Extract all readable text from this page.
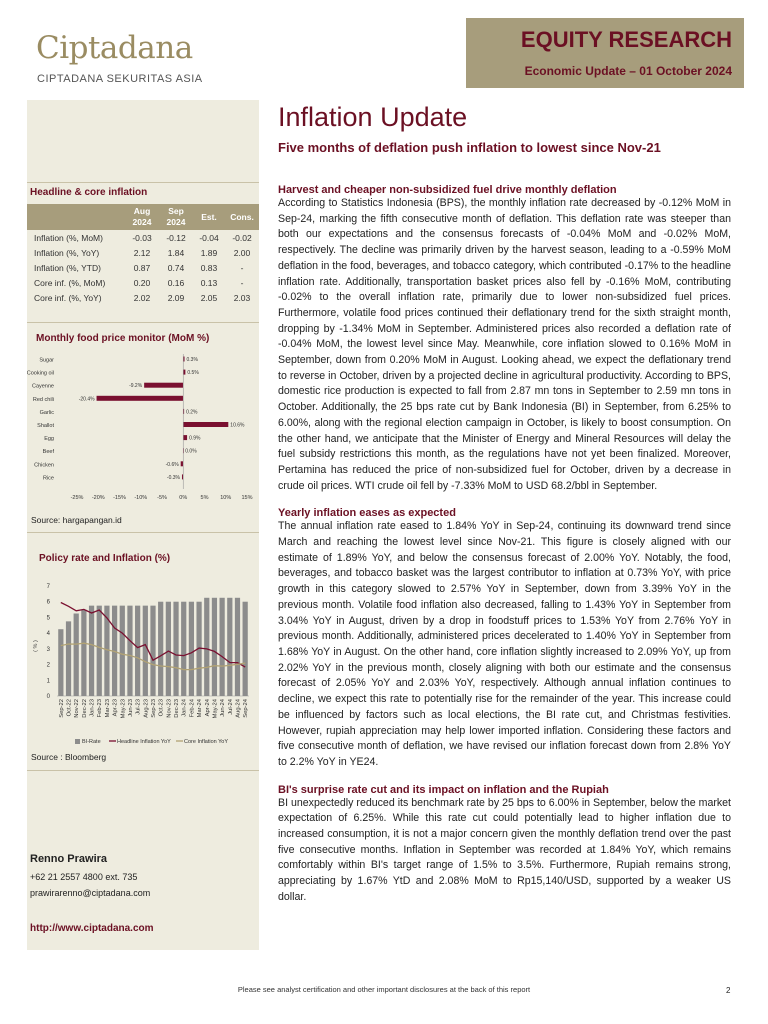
Ciptadana
CIPTADANA SEKURITAS ASIA
EQUITY RESEARCH
Economic Update – 01 October 2024
Headline & core inflation
	Aug 2024	Sep 2024	Est.	Cons.
Inflation (%, MoM)	-0.03	-0.12	-0.04	-0.02
Inflation (%, YoY)	2.12	1.84	1.89	2.00
Inflation (%, YTD)	0.87	0.74	0.83	-
Core inf. (%, MoM)	0.20	0.16	0.13	-
Core inf. (%, YoY)	2.02	2.09	2.05	2.03
Monthly food price monitor (MoM %)
Sugar	0.3%
Cooking oil	0.5%
Cayenne	-9.2%
Red chili	-20.4%
Garlic	0.2%
Shallot	10.6%
Egg	0.9%
Beef	0.0%
Chicken	-0.6%
Rice	-0.3%
-25% -20% -15% -10% -5% 0% 5% 10% 15%
Source: hargapangan.id
Policy rate and Inflation (%)
0
1
2
3
4
5
6
7
( % )
Sep-22 Oct-22 Nov-22 Dec-22 Jan-23 Feb-23 Mar-23 Apr-23 May-23 Jun-23 Jul-23 Aug-23 Sep-23 Oct-23 Nov-23 Dec-23 Jan-24 Feb-24 Mar-24 Apr-24 May-24 Jun-24 Jul-24 Aug-24 Sep-24
BI-Rate	Headline Inflation YoY Core Inflation YoY
Source : Bloomberg
Renno Prawira
+62 21 2557 4800 ext. 735
prawirarenno@ciptadana.com
http://www.ciptadana.com
Inflation Update
Five months of deflation push inflation to lowest since Nov-21
Harvest and cheaper non-subsidized fuel drive monthly deflation
According to Statistics Indonesia (BPS), the monthly inflation rate decreased by -0.12% MoM in Sep-24, marking the fifth consecutive month of deflation. This deflation rate was steeper than both our expectations and the consensus forecasts of -0.04% MoM and -0.02% MoM, respectively. The decline was primarily driven by the harvest season, leading to a -0.59% MoM deflation in the food, beverages, and tobacco category, which contributed -0.17% to the headline inflation rate. Additionally, transportation basket prices also fell by -0.16% MoM, contributing -0.02% to the overall inflation rate, primarily due to lower non-subsidized fuel prices. Furthermore, volatile food prices continued their deflationary trend for the sixth straight month, dropping by -1.34% MoM in September. Administered prices also recorded a deflation rate of -0.04% MoM, the lowest level since May. Meanwhile, core inflation slowed to 0.16% MoM in September, down from 0.20% MoM in August. Looking ahead, we expect the deflationary trend to reverse in October, driven by a projected decline in agricultural productivity. According to BPS, domestic rice production is expected to fall from 2.87 mn tons in September to 2.59 mn tons in October. Additionally, the 25 bps rate cut by Bank Indonesia (BI) in September, from 6.25% to 6.00%, along with the regional election campaign in October, is likely to boost consumption. On the other hand, we anticipate that the Minister of Energy and Mineral Resources will delay the fuel subsidy restrictions this month, as the regulations have not yet been finalized. Moreover, Pertamina has reduced the price of non-subsidized fuel for October, driven by a decrease in crude oil prices. WTI crude oil fell by -7.33% MoM to USD 68.2/bbl in September.
Yearly inflation eases as expected
The annual inflation rate eased to 1.84% YoY in Sep-24, continuing its downward trend since March and reaching the lowest level since Nov-21. This figure is closely aligned with our estimate of 1.89% YoY, and below the consensus forecast of 2.00% YoY. Notably, the food, beverages, and tobacco basket was the largest contributor to inflation at 0.73% YoY, with price growth in this category slowed to 2.57% YoY in September, down from 3.39% YoY in the previous month. Volatile food inflation also decreased, falling to 1.43% YoY in September from 3.04% YoY in August, driven by a drop in foodstuff prices to 1.53% YoY from 2.76% YoY in previous month. Additionally, administered prices decelerated to 1.40% YoY in September from 1.68% YoY in August. On the other hand, core inflation slightly increased to 2.09% YoY, up from 2.02% YoY in the previous month, closely aligning with both our estimate and the consensus forecast of 2.05% YoY and 2.03% YoY, respectively. Although annual inflation continues to decline, we expect this rate to potentially rise for the remainder of the year. This increase could be influenced by factors such as local elections, the BI rate cut, and Christmas festivities. However, rupiah appreciation may help lower imported inflation. Considering these factors and five consecutive month of deflation, we have revised our inflation forecast down from 2.8% YoY to 2.2% YoY in YE24.
BI's surprise rate cut and its impact on inflation and the Rupiah
BI unexpectedly reduced its benchmark rate by 25 bps to 6.00% in September, below the market expectation of 6.25%. While this rate cut could potentially lead to higher inflation due to increased consumption, it is not a major concern given the monthly deflation trend over the past five consecutive months. Inflation in September was recorded at 1.84% YoY, which remains comfortably within BI's target range of 1.5% to 3.5%. Furthermore, Rupiah remains strong, appreciating by 1.67% YtD and 2.08% MoM to Rp15,140/USD, supported by a weaker US dollar.
Please see analyst certification and other important disclosures at the back of this report	2
